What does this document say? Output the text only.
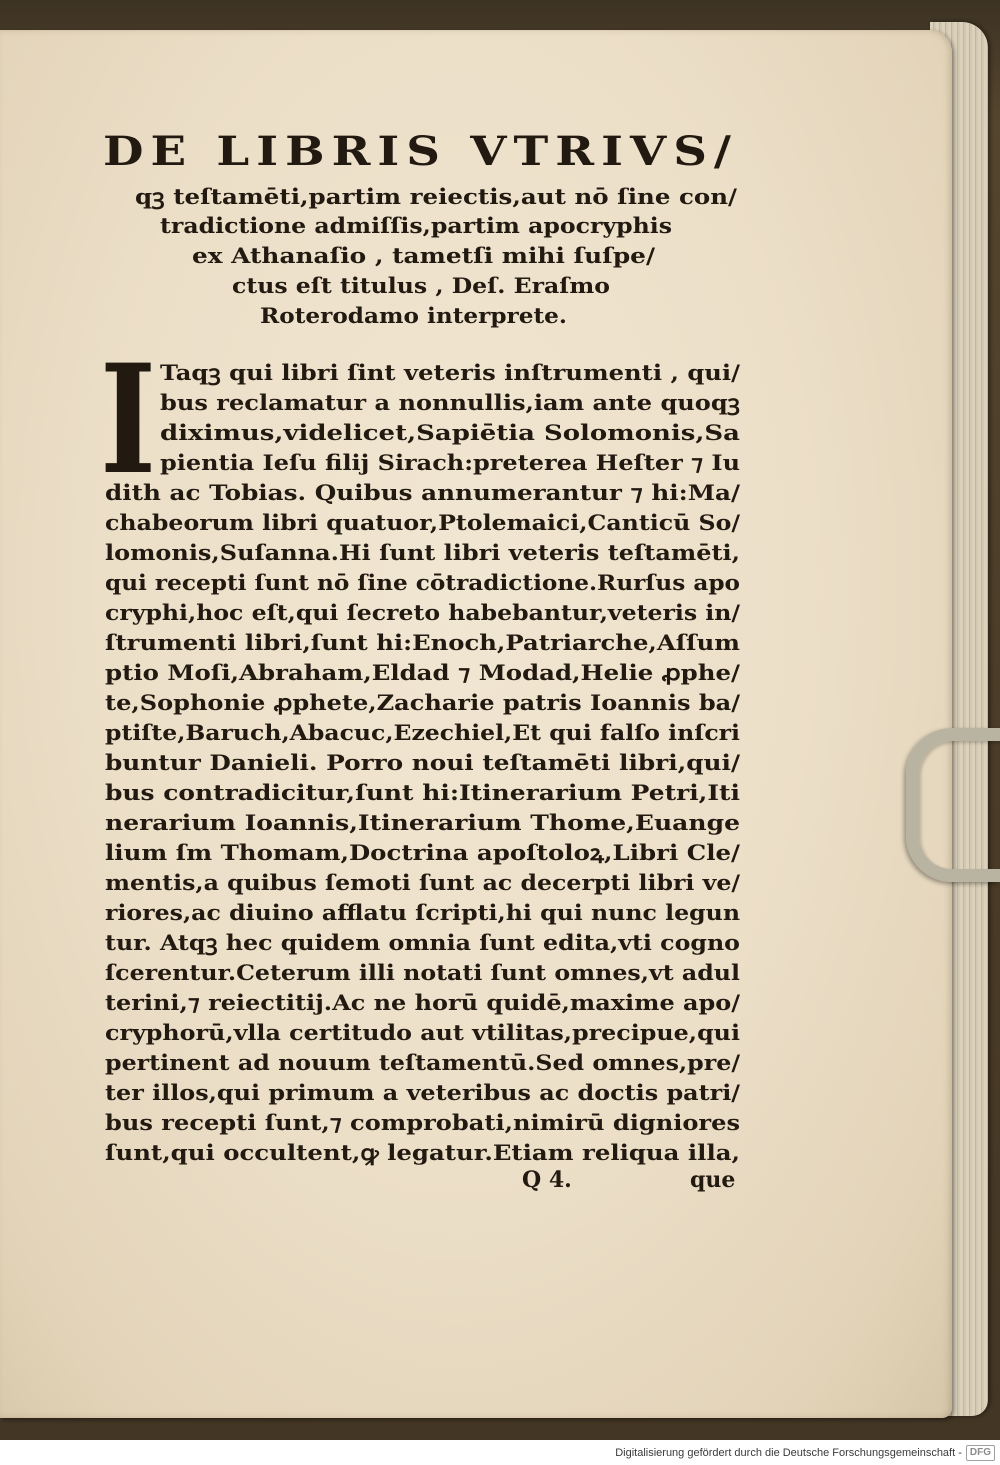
DE LIBRIS VTRIVS/
qꝫ teſtamēti,partim reiectis,aut nō ſine con/
tradictione admiſſis,partim apocryphis
ex Athanaſio , tametſi mihi ſuſpe/
ctus eſt titulus , Deſ. Eraſmo
Roterodamo interprete.
I Taqꝫ qui libri ſint veteris inſtrumenti , qui/
bus reclamatur a nonnullis,iam ante quoqꝫ
diximus,videlicet,Sapiētia Solomonis,Sa
pientia Ieſu filij Sirach:preterea Heſter ⁊ Iu
dith ac Tobias. Quibus annumerantur ⁊ hi:Ma/
chabeorum libri quatuor,Ptolemaici,Canticū So/
lomonis,Suſanna.Hi ſunt libri veteris teſtamēti,
qui recepti ſunt nō ſine cōtradictione.Rurſus apo
cryphi,hoc eſt,qui ſecreto habebantur,veteris in/
ſtrumenti libri,ſunt hi:Enoch,Patriarche,Aſſum
ptio Moſi,Abraham,Eldad ⁊ Modad,Helie ꝓphe/
te,Sophonie ꝓphete,Zacharie patris Ioannis ba/
ptiſte,Baruch,Abacuc,Ezechiel,Et qui falſo inſcri
buntur Danieli. Porro noui teſtamēti libri,qui/
bus contradicitur,ſunt hi:Itinerarium Petri,Iti
nerarium Ioannis,Itinerarium Thome,Euange
lium ſm Thomam,Doctrina apoſtoloꝝ,Libri Cle/
mentis,a quibus ſemoti ſunt ac decerpti libri ve/
riores,ac diuino afflatu ſcripti,hi qui nunc legun
tur. Atqꝫ hec quidem omnia ſunt edita,vti cogno
ſcerentur.Ceterum illi notati ſunt omnes,vt adul
terini,⁊ reiectitij.Ac ne horū quidē,maxime apo/
cryphorū,vlla certitudo aut vtilitas,precipue,qui
pertinent ad nouum teſtamentū.Sed omnes,pre/
ter illos,qui primum a veteribus ac doctis patri/
bus recepti ſunt,⁊ comprobati,nimirū digniores
ſunt,qui occultent,ꝙ legatur.Etiam reliqua illa,
Q 4.	que
Digitalisierung gefördert durch die Deutsche Forschungsgemeinschaft - DFG
